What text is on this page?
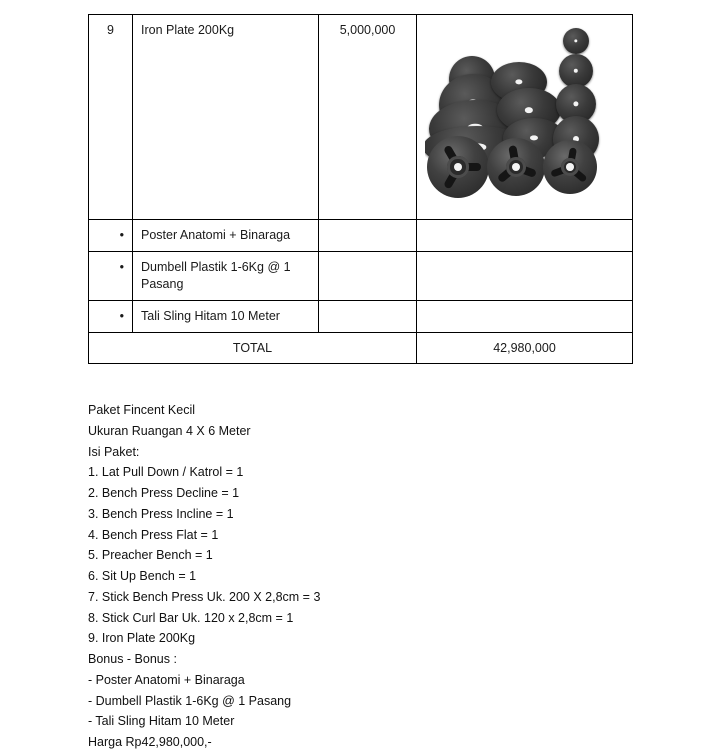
9	Iron Plate 200Kg	5,000,000	

•	Poster Anatomi + Binaraga		
•	Dumbell Plastik 1-6Kg @ 1 Pasang		
•	Tali Sling Hitam 10 Meter		
TOTAL			42,980,000
Paket Fincent Kecil
Ukuran Ruangan 4 X 6 Meter
Isi Paket:
1. Lat Pull Down / Katrol = 1
2. Bench Press Decline = 1
3. Bench Press Incline = 1
4. Bench Press Flat = 1
5. Preacher Bench = 1
6. Sit Up Bench = 1
7. Stick Bench Press Uk. 200 X 2,8cm = 3
8. Stick Curl Bar Uk. 120 x 2,8cm = 1
9. Iron Plate 200Kg
Bonus - Bonus :
- Poster Anatomi + Binaraga
- Dumbell Plastik 1-6Kg @ 1 Pasang
- Tali Sling Hitam 10 Meter
Harga Rp42,980,000,-
